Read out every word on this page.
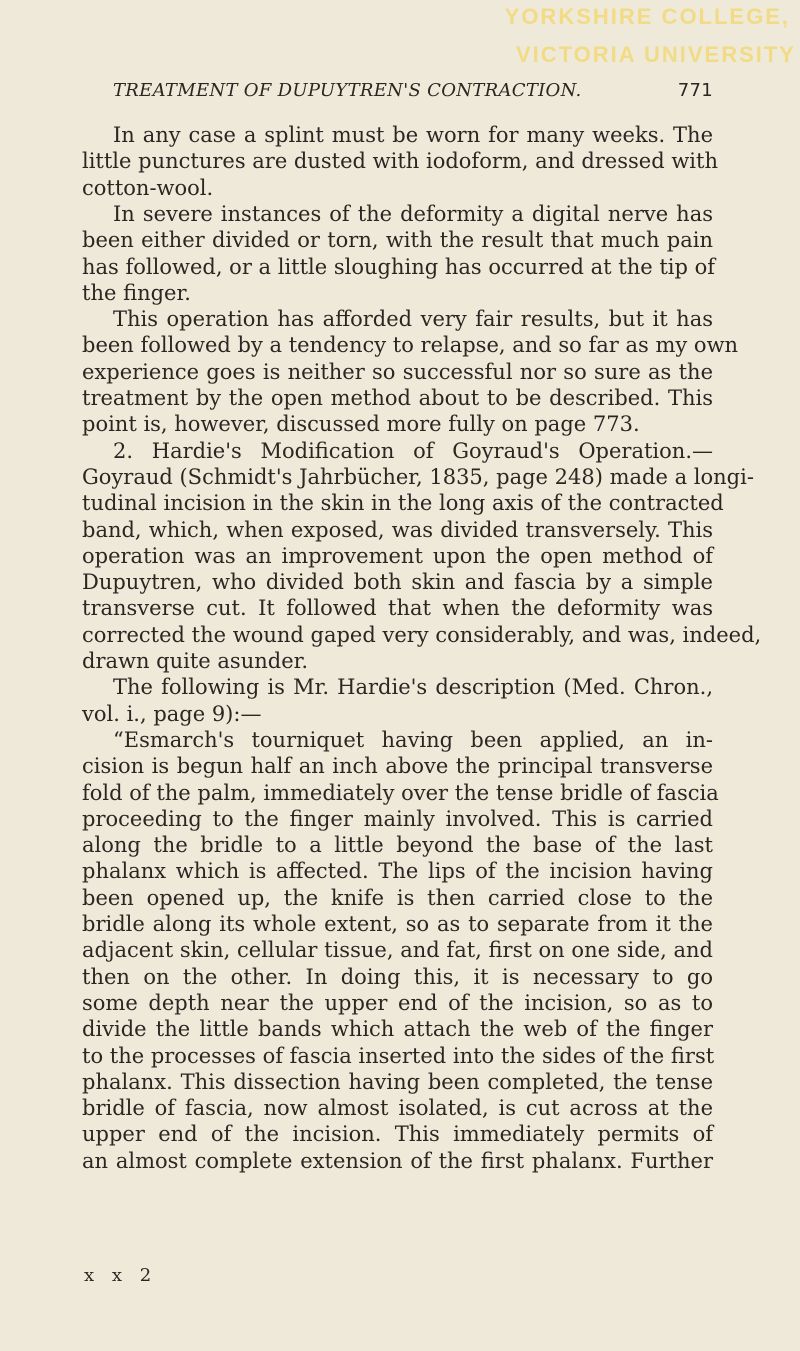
YORKSHIRE COLLEGE,
VICTORIA UNIVERSITY
TREATMENT OF DUPUYTREN'S CONTRACTION.	771
In any case a splint must be worn for many weeks. The
little punctures are dusted with iodoform, and dressed with
cotton-wool.
In severe instances of the deformity a digital nerve has
been either divided or torn, with the result that much pain
has followed, or a little sloughing has occurred at the tip of
the finger.
This operation has afforded very fair results, but it has
been followed by a tendency to relapse, and so far as my own
experience goes is neither so successful nor so sure as the
treatment by the open method about to be described. This
point is, however, discussed more fully on page 773.
2. Hardie's Modification of Goyraud's Operation.—
Goyraud (Schmidt's Jahrbücher, 1835, page 248) made a longi-
tudinal incision in the skin in the long axis of the contracted
band, which, when exposed, was divided transversely. This
operation was an improvement upon the open method of
Dupuytren, who divided both skin and fascia by a simple
transverse cut. It followed that when the deformity was
corrected the wound gaped very considerably, and was, indeed,
drawn quite asunder.
The following is Mr. Hardie's description (Med. Chron.,
vol. i., page 9):—
“Esmarch's tourniquet having been applied, an in-
cision is begun half an inch above the principal transverse
fold of the palm, immediately over the tense bridle of fascia
proceeding to the finger mainly involved. This is carried
along the bridle to a little beyond the base of the last
phalanx which is affected. The lips of the incision having
been opened up, the knife is then carried close to the
bridle along its whole extent, so as to separate from it the
adjacent skin, cellular tissue, and fat, first on one side, and
then on the other. In doing this, it is necessary to go
some depth near the upper end of the incision, so as to
divide the little bands which attach the web of the finger
to the processes of fascia inserted into the sides of the first
phalanx. This dissection having been completed, the tense
bridle of fascia, now almost isolated, is cut across at the
upper end of the incision. This immediately permits of
an almost complete extension of the first phalanx. Further
x x 2
